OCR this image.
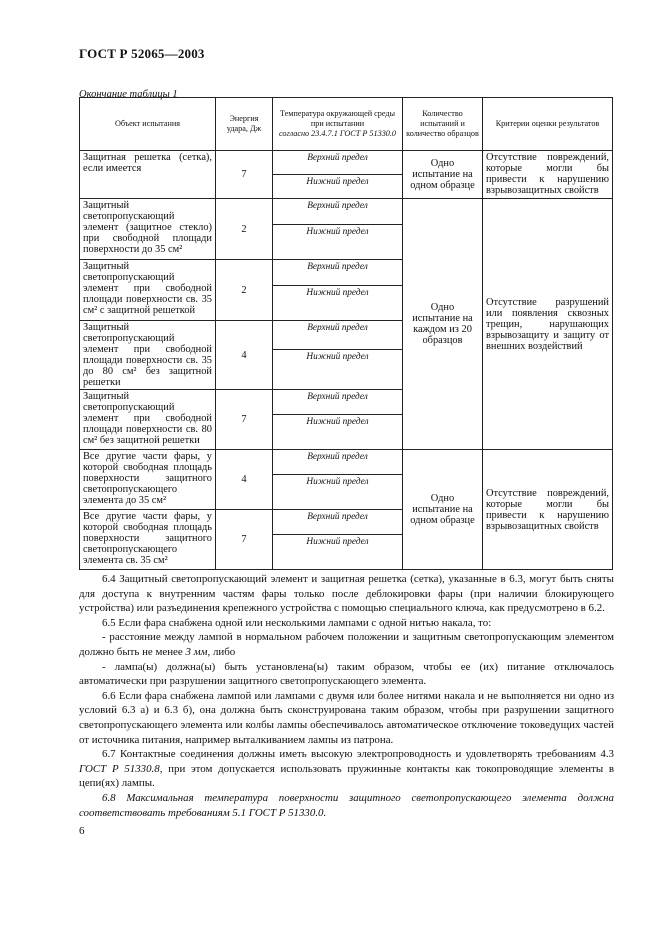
ГОСТ Р 52065—2003
Окончание таблицы 1
Объект испытания	Энергия удара, Дж	Температура окружающей среды при испытании
согласно 23.4.7.1 ГОСТ Р 51330.0	Количество испытаний и количество образцов	Критерии оценки результатов
Защитная решетка (сетка), если имеется	7	Верхний предел	Одно испытание на одном образце	Отсутствие повреждений, которые могли бы привести к нарушению взрывозащитных свойств
		Нижний предел		
Защитный светопропускающий элемент (защитное стекло) при свободной площади поверхности до 35 см²	2	Верхний предел	Одно испытание на каждом из 20 образцов	Отсутствие разрушений или появления сквозных трещин, нарушающих взрывозащиту и защиту от внешних воздействий
		Нижний предел		
Защитный светопропускающий элемент при свободной площади поверхности св. 35 см² с защитной решеткой	2	Верхний предел		
		Нижний предел		
Защитный светопропускающий элемент при свободной площади поверхности св. 35 до 80 см² без защитной решетки	4	Верхний предел		
		Нижний предел		
Защитный светопропускающий элемент при свободной площади поверхности св. 80 см² без защитной решетки	7	Верхний предел		
		Нижний предел		
Все другие части фары, у которой свободная площадь поверхности защитного светопропускающего элемента до 35 см²	4	Верхний предел	Одно испытание на одном образце	Отсутствие повреждений, которые могли бы привести к нарушению взрывозащитных свойств
		Нижний предел		
Все другие части фары, у которой свободная площадь поверхности защитного светопропускающего элемента св. 35 см²	7	Верхний предел		
		Нижний предел		

6.4 Защитный светопропускающий элемент и защитная решетка (сетка), указанные в 6.3, могут быть сняты для доступа к внутренним частям фары только после деблокировки фары (при наличии блокирующего устройства) или разъединения крепежного устройства с помощью специального ключа, как предусмотрено в 6.2.

6.5 Если фара снабжена одной или несколькими лампами с одной нитью накала, то:

- расстояние между лампой в нормальном рабочем положении и защитным светопропускающим элементом должно быть не менее 3 мм, либо

- лампа(ы) должна(ы) быть установлена(ы) таким образом, чтобы ее (их) питание отключалось автоматически при разрушении защитного светопропускающего элемента.

6.6 Если фара снабжена лампой или лампами с двумя или более нитями накала и не выполняется ни одно из условий 6.3 а) и 6.3 б), она должна быть сконструирована таким образом, чтобы при разрушении защитного светопропускающего элемента или колбы лампы обеспечивалось автоматическое отключение токоведущих частей от источника питания, например выталкиванием лампы из патрона.

6.7 Контактные соединения должны иметь высокую электропроводность и удовлетворять требованиям 4.3 ГОСТ Р 51330.8, при этом допускается использовать пружинные контакты как токопроводящие элементы в цепи(ях) лампы.

6.8 Максимальная температура поверхности защитного светопропускающего элемента должна соответствовать требованиям 5.1 ГОСТ Р 51330.0.

6
